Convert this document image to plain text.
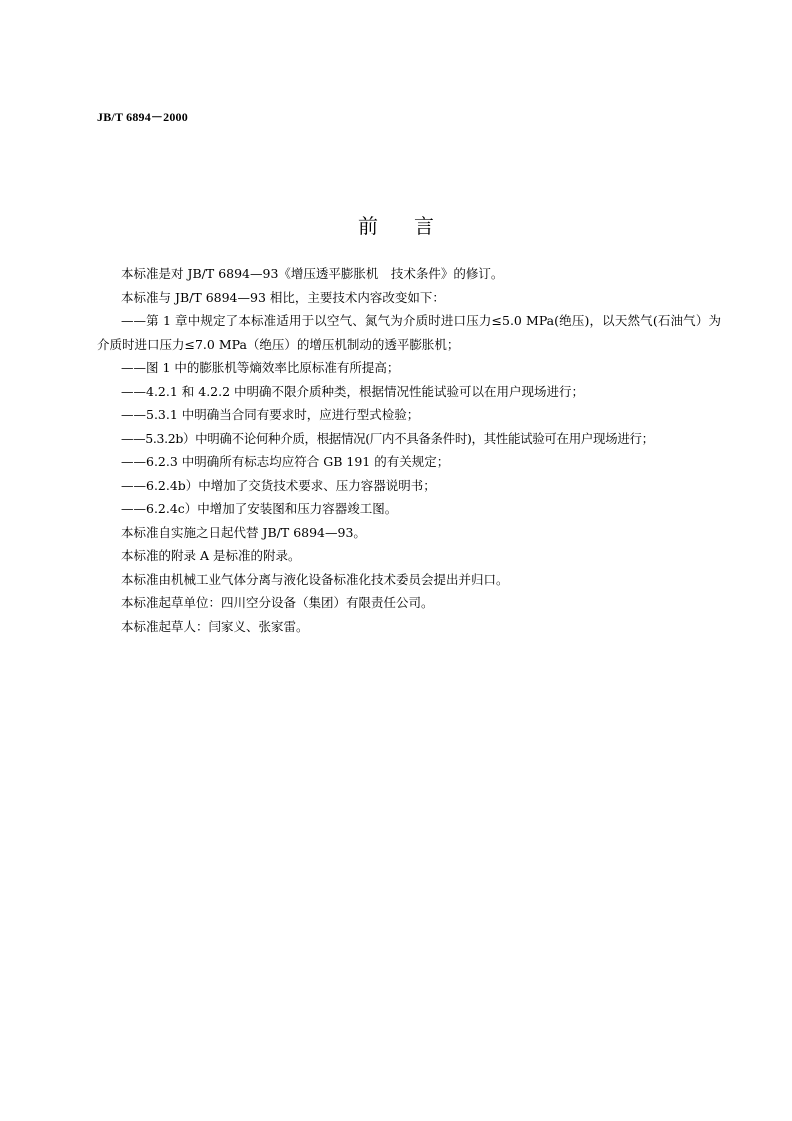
JB/T 6894－2000
前言
本标准是对 JB/T 6894—93《增压透平膨胀机　技术条件》的修订。
本标准与 JB/T 6894—93 相比，主要技术内容改变如下：
——第 1 章中规定了本标准适用于以空气、氮气为介质时进口压力≤5.0 MPa(绝压)，以天然气(石油气）为介质时进口压力≤7.0 MPa（绝压）的增压机制动的透平膨胀机；
——图 1 中的膨胀机等熵效率比原标准有所提高；
——4.2.1 和 4.2.2 中明确不限介质种类，根据情况性能试验可以在用户现场进行；
——5.3.1 中明确当合同有要求时，应进行型式检验；
——5.3.2b）中明确不论何种介质，根据情况(厂内不具备条件时)，其性能试验可在用户现场进行；
——6.2.3 中明确所有标志均应符合 GB 191 的有关规定；
——6.2.4b）中增加了交货技术要求、压力容器说明书；
——6.2.4c）中增加了安装图和压力容器竣工图。
本标准自实施之日起代替 JB/T 6894—93。
本标准的附录 A 是标准的附录。
本标准由机械工业气体分离与液化设备标准化技术委员会提出并归口。
本标准起草单位：四川空分设备（集团）有限责任公司。
本标准起草人：闫家义、张家雷。
